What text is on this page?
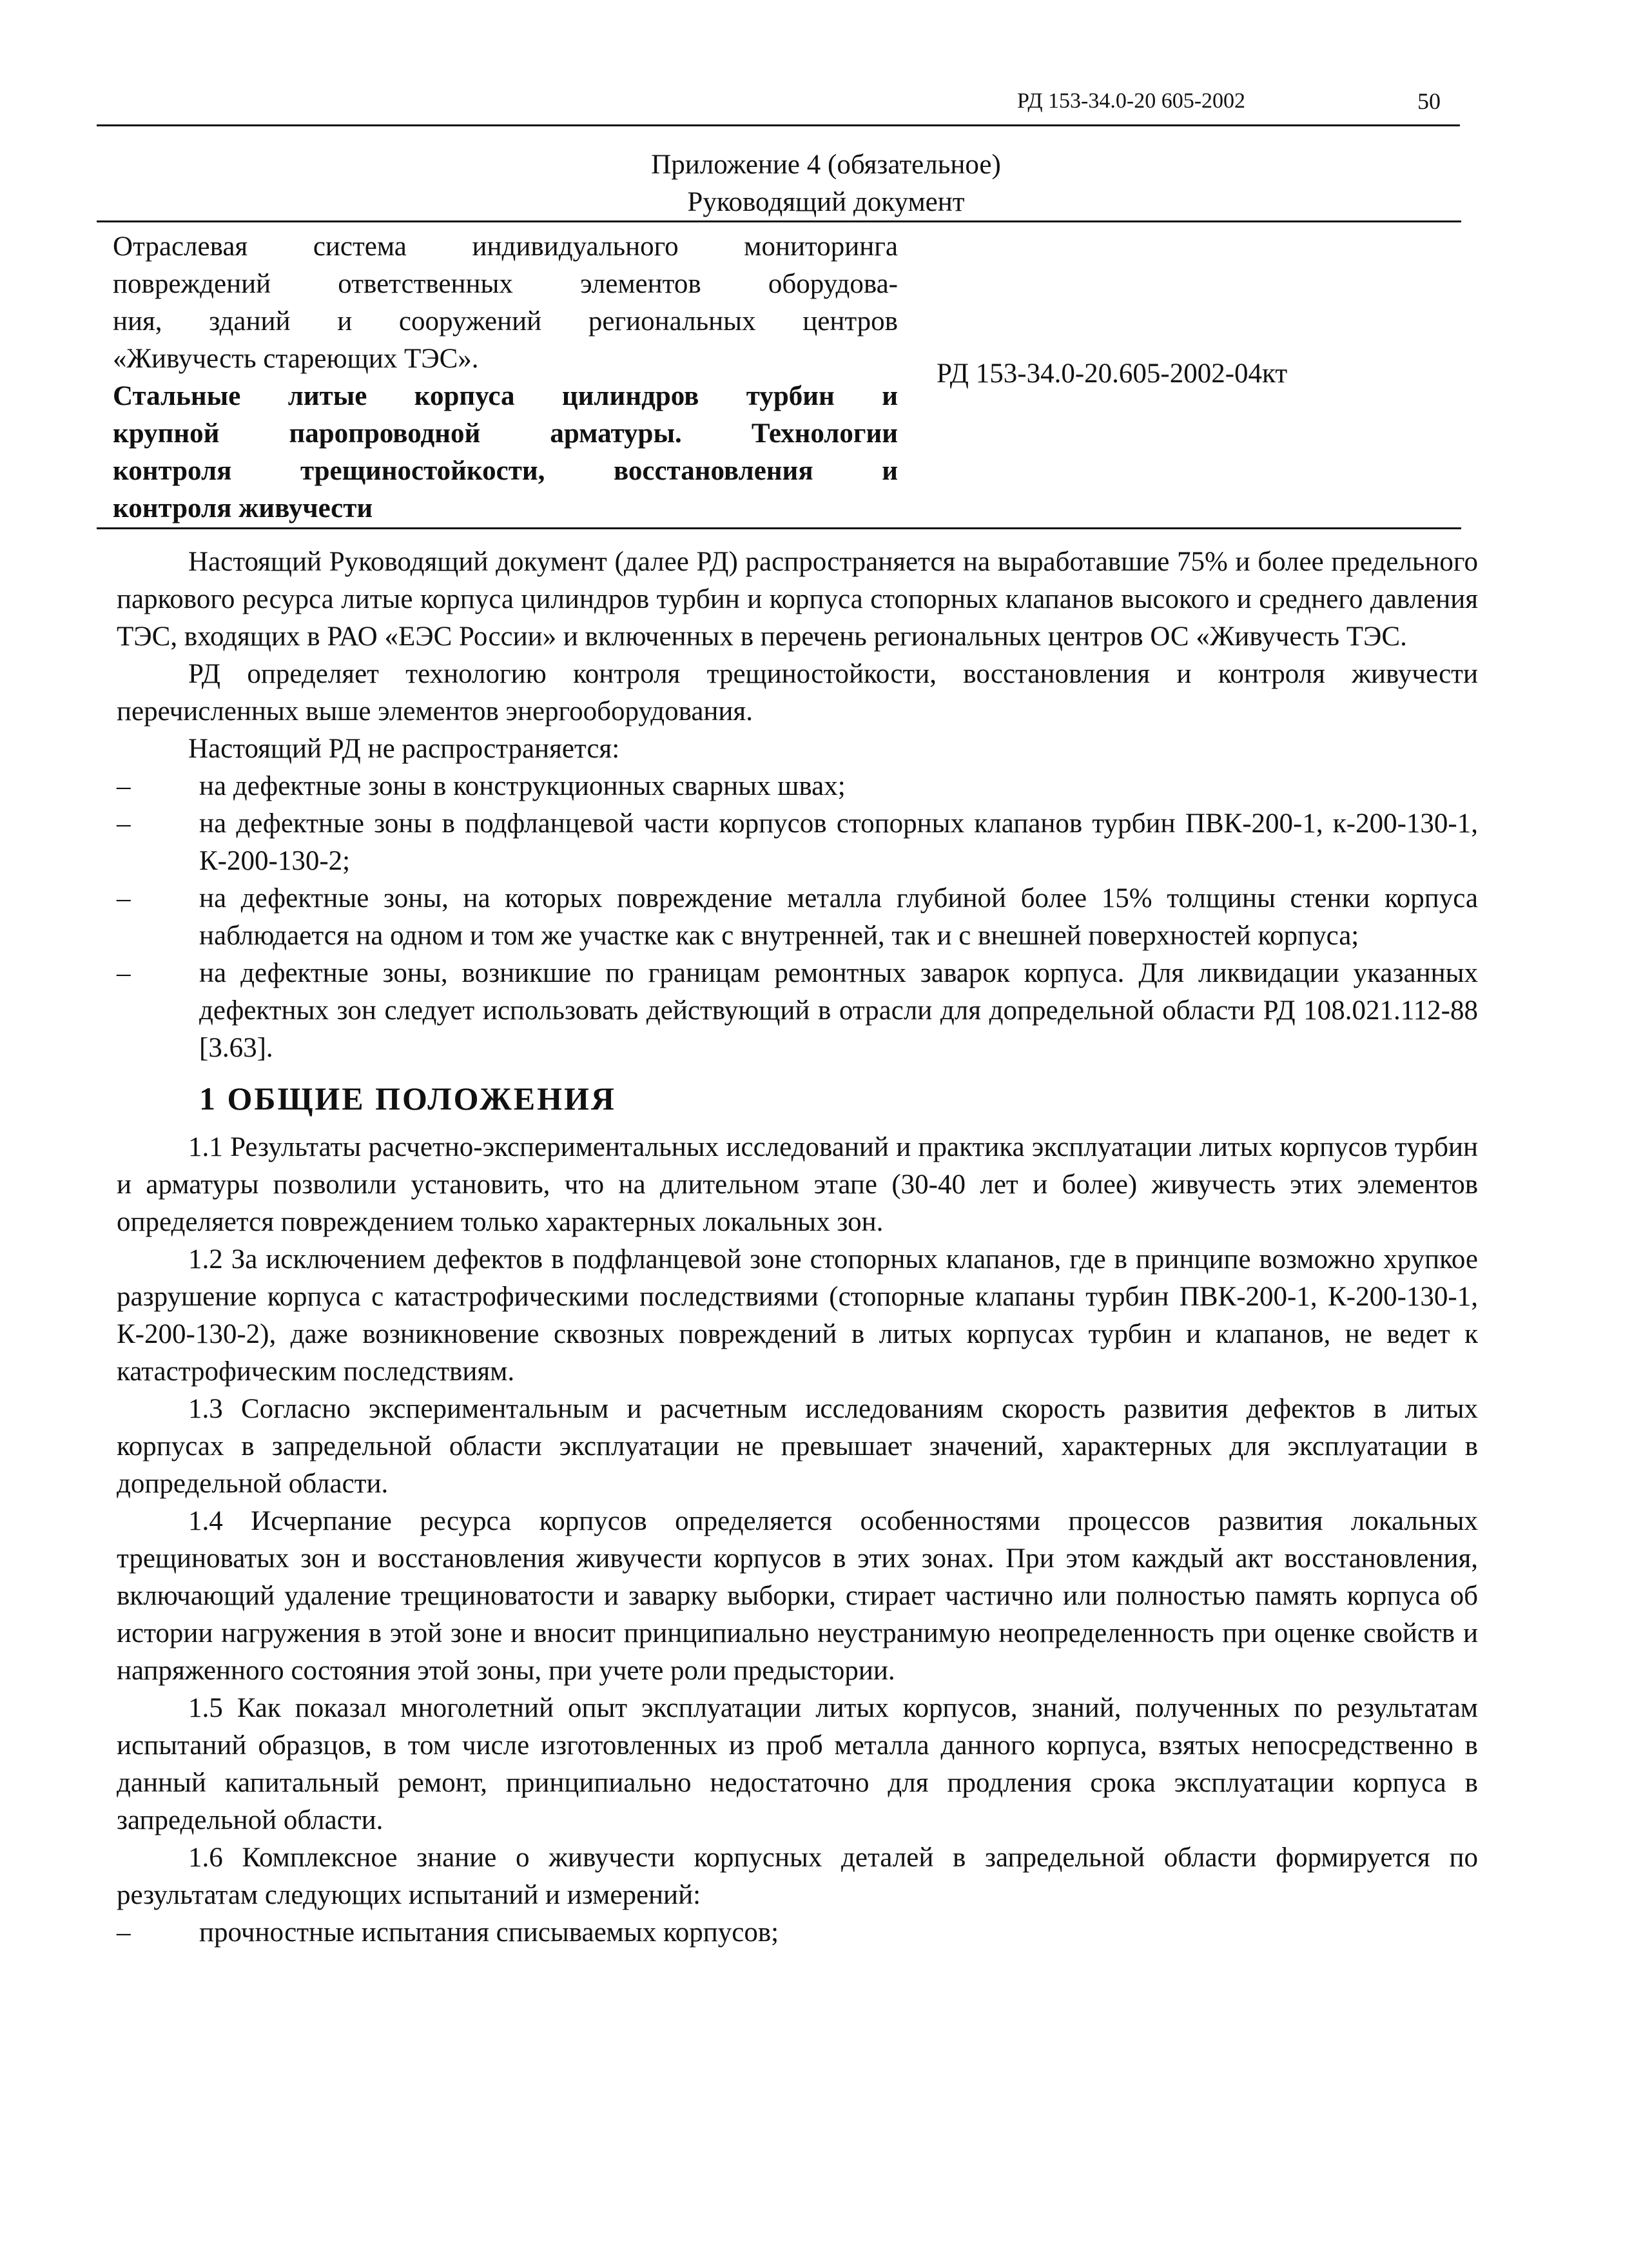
РД 153-34.0-20 605-2002	50
Приложение 4 (обязательное)
Руководящий документ
Отраслевая система индивидуального мониторинга
повреждений ответственных элементов оборудова-
ния, зданий и сооружений региональных центров
«Живучесть стареющих ТЭС».
Стальные литые корпуса цилиндров турбин и
крупной паропроводной арматуры. Технологии
контроля трещиностойкости, восстановления и
контроля живучести
РД 153-34.0-20.605-2002-04кт

Настоящий Руководящий документ (далее РД) распространяется на выработавшие 75% и более предельного паркового ресурса литые корпуса цилиндров турбин и корпуса стопорных клапанов высокого и среднего давления ТЭС, входящих в РАО «ЕЭС России» и включенных в перечень региональных центров ОС «Живучесть ТЭС.

РД определяет технологию контроля трещиностойкости, восстановления и контроля живучести перечисленных выше элементов энергооборудования.

Настоящий РД не распространяется:

– на дефектные зоны в конструкционных сварных швах;
– на дефектные зоны в подфланцевой части корпусов стопорных клапанов турбин ПВК-200-1, к-200-130-1, К-200-130-2;
– на дефектные зоны, на которых повреждение металла глубиной более 15% толщины стенки корпуса наблюдается на одном и том же участке как с внутренней, так и с внешней поверхностей корпуса;
– на дефектные зоны, возникшие по границам ремонтных заварок корпуса. Для ликвидации указанных дефектных зон следует использовать действующий в отрасли для допредельной области РД 108.021.112-88 [3.63].
1 ОБЩИЕ ПОЛОЖЕНИЯ

1.1 Результаты расчетно-экспериментальных исследований и практика эксплуатации литых корпусов турбин и арматуры позволили установить, что на длительном этапе (30-40 лет и более) живучесть этих элементов определяется повреждением только характерных локальных зон.

1.2 За исключением дефектов в подфланцевой зоне стопорных клапанов, где в принципе возможно хрупкое разрушение корпуса с катастрофическими последствиями (стопорные клапаны турбин ПВК-200-1, К-200-130-1, К-200-130-2), даже возникновение сквозных повреждений в литых корпусах турбин и клапанов, не ведет к катастрофическим последствиям.

1.3 Согласно экспериментальным и расчетным исследованиям скорость развития дефектов в литых корпусах в запредельной области эксплуатации не превышает значений, характерных для эксплуатации в допредельной области.

1.4 Исчерпание ресурса корпусов определяется особенностями процессов развития локальных трещиноватых зон и восстановления живучести корпусов в этих зонах. При этом каждый акт восстановления, включающий удаление трещиноватости и заварку выборки, стирает частично или полностью память корпуса об истории нагружения в этой зоне и вносит принципиально неустранимую неопределенность при оценке свойств и напряженного состояния этой зоны, при учете роли предыстории.

1.5 Как показал многолетний опыт эксплуатации литых корпусов, знаний, полученных по результатам испытаний образцов, в том числе изготовленных из проб металла данного корпуса, взятых непосредственно в данный капитальный ремонт, принципиально недостаточно для продления срока эксплуатации корпуса в запредельной области.

1.6 Комплексное знание о живучести корпусных деталей в запредельной области формируется по результатам следующих испытаний и измерений:

– прочностные испытания списываемых корпусов;
